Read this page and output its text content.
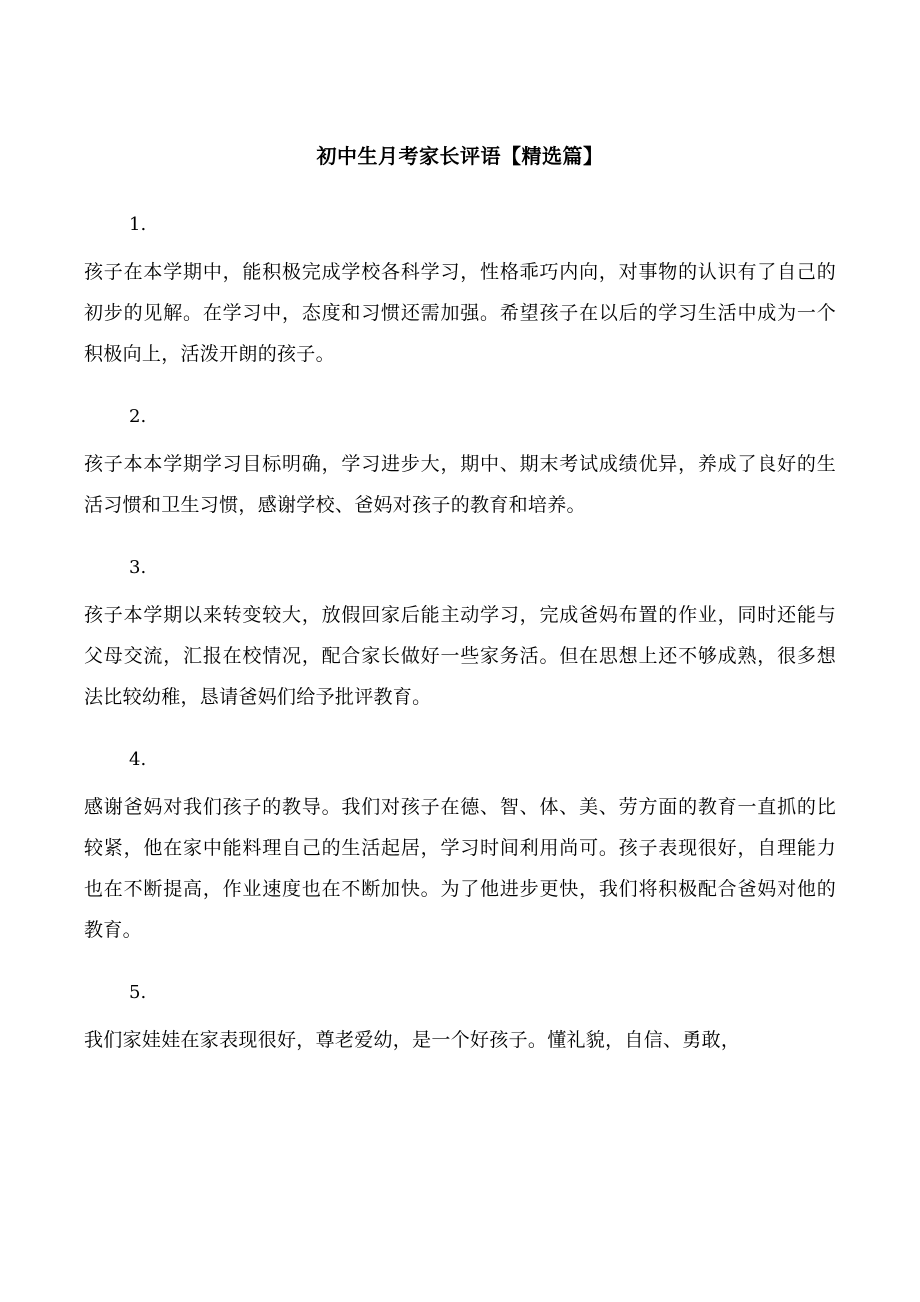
初中生月考家长评语【精选篇】
1.

孩子在本学期中，能积极完成学校各科学习，性格乖巧内向，对事物的认识有了自己的初步的见解。在学习中，态度和习惯还需加强。希望孩子在以后的学习生活中成为一个积极向上，活泼开朗的孩子。

2.

孩子本本学期学习目标明确，学习进步大，期中、期末考试成绩优异，养成了良好的生活习惯和卫生习惯，感谢学校、爸妈对孩子的教育和培养。

3.

孩子本学期以来转变较大，放假回家后能主动学习，完成爸妈布置的作业，同时还能与父母交流，汇报在校情况，配合家长做好一些家务活。但在思想上还不够成熟，很多想法比较幼稚，恳请爸妈们给予批评教育。

4.

感谢爸妈对我们孩子的教导。我们对孩子在德、智、体、美、劳方面的教育一直抓的比较紧，他在家中能料理自己的生活起居，学习时间利用尚可。孩子表现很好，自理能力也在不断提高，作业速度也在不断加快。为了他进步更快，我们将积极配合爸妈对他的教育。

5.

我们家娃娃在家表现很好，尊老爱幼，是一个好孩子。懂礼貌，自信、勇敢，
